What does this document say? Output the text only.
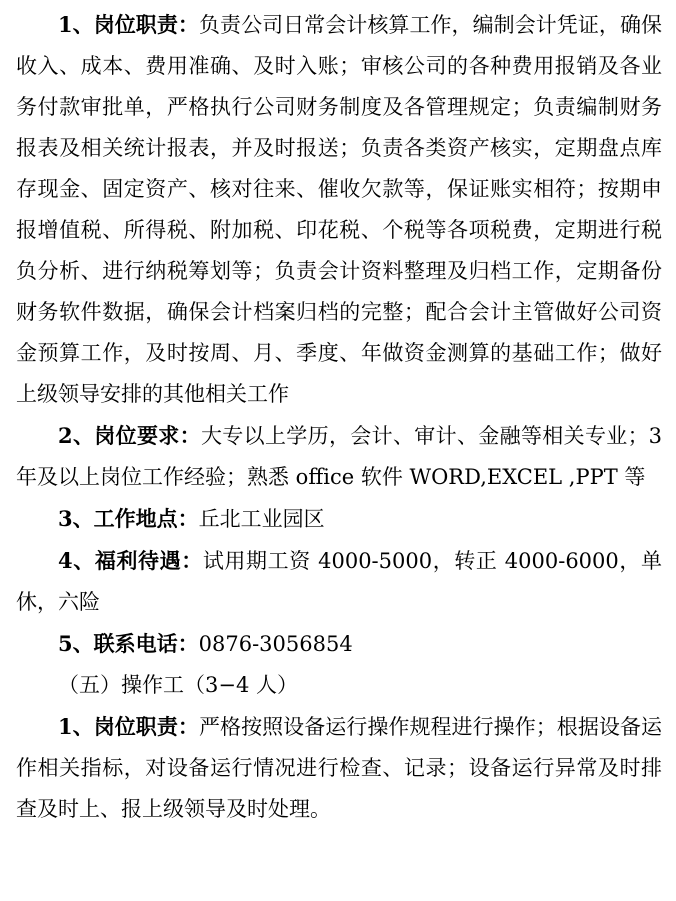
1、岗位职责：负责公司日常会计核算工作，编制会计凭证，确保收入、成本、费用准确、及时入账；审核公司的各种费用报销及各业务付款审批单，严格执行公司财务制度及各管理规定；负责编制财务报表及相关统计报表，并及时报送；负责各类资产核实，定期盘点库存现金、固定资产、核对往来、催收欠款等，保证账实相符；按期申报增值税、所得税、附加税、印花税、个税等各项税费，定期进行税负分析、进行纳税筹划等；负责会计资料整理及归档工作，定期备份财务软件数据，确保会计档案归档的完整；配合会计主管做好公司资金预算工作，及时按周、月、季度、年做资金测算的基础工作；做好上级领导安排的其他相关工作

2、岗位要求：大专以上学历，会计、审计、金融等相关专业；3 年及以上岗位工作经验；熟悉 office 软件 WORD,EXCEL ,PPT 等

3、工作地点：丘北工业园区

4、福利待遇：试用期工资 4000-5000，转正 4000-6000，单休，六险

5、联系电话：0876-3056854

（五）操作工（3−4 人）

1、岗位职责：严格按照设备运行操作规程进行操作；根据设备运作相关指标，对设备运行情况进行检查、记录；设备运行异常及时排查及时上、报上级领导及时处理。
